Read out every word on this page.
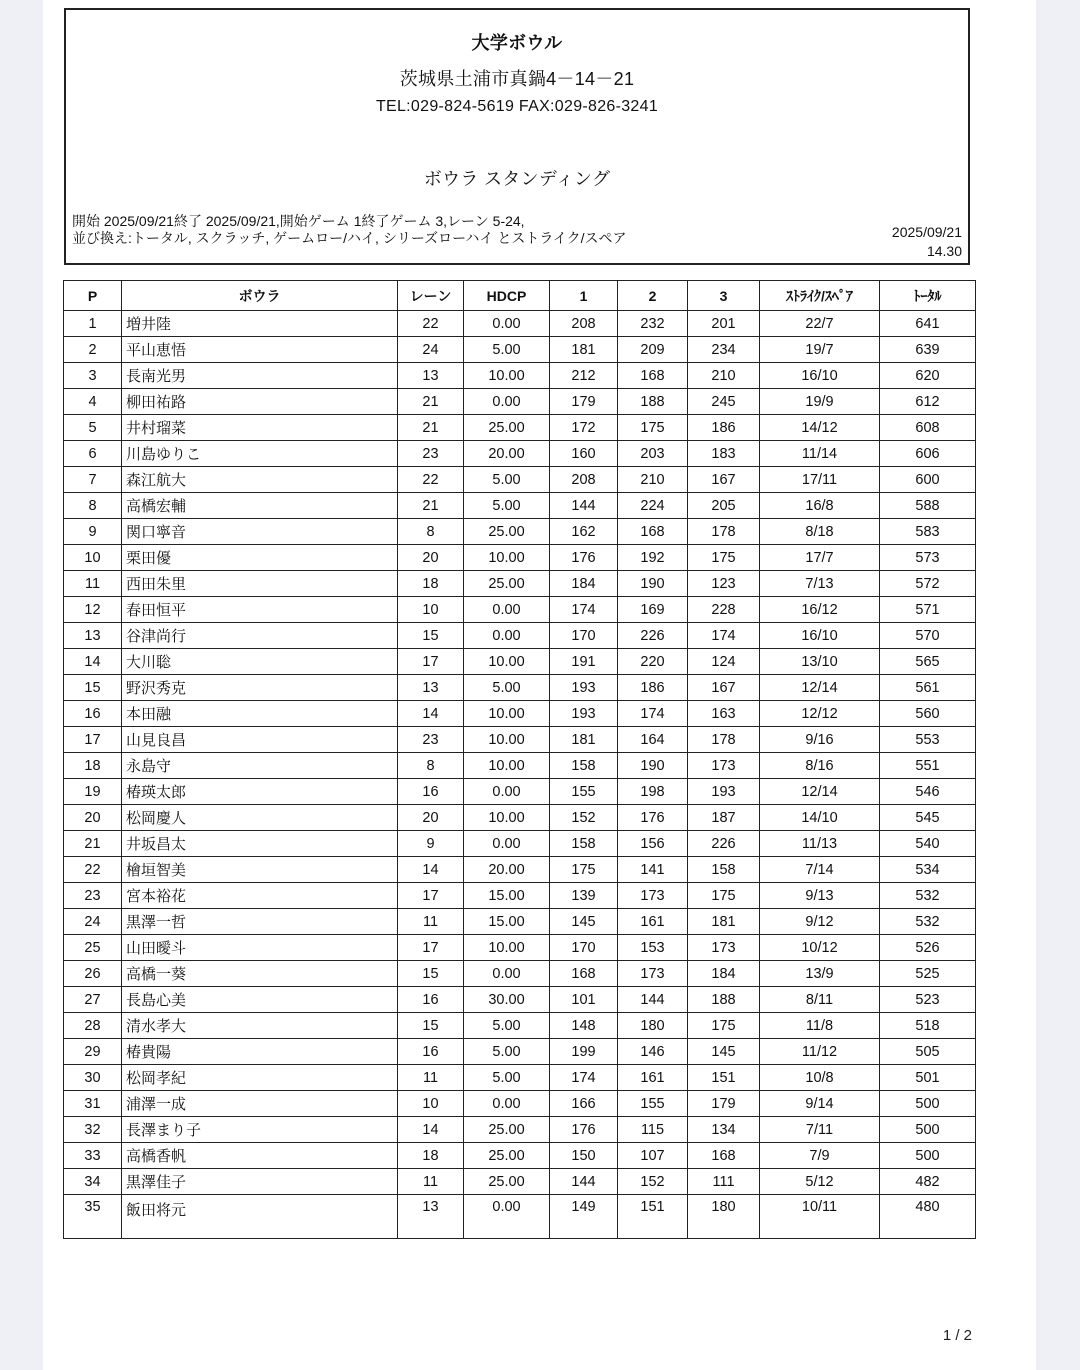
大学ボウル
茨城県土浦市真鍋4－14－21
TEL:029-824-5619 FAX:029-826-3241
ボウラ スタンディング
開始 2025/09/21終了 2025/09/21,開始ゲーム 1終了ゲーム 3,レーン 5-24,
並び換え:トータル, スクラッチ, ゲームロー/ハイ, シリーズローハイ とストライク/スペア	2025/09/21
14.30
P	ボウラ	レーン	HDCP	1	2	3	ｽﾄﾗｲｸ/ｽﾍﾟｱ	ﾄｰﾀﾙ
1	増井陸	22	0.00	208	232	201	22/7	641
2	平山恵悟	24	5.00	181	209	234	19/7	639
3	長南光男	13	10.00	212	168	210	16/10	620
4	柳田祐路	21	0.00	179	188	245	19/9	612
5	井村瑠菜	21	25.00	172	175	186	14/12	608
6	川島ゆりこ	23	20.00	160	203	183	11/14	606
7	森江航大	22	5.00	208	210	167	17/11	600
8	高橋宏輔	21	5.00	144	224	205	16/8	588
9	関口寧音	8	25.00	162	168	178	8/18	583
10	栗田優	20	10.00	176	192	175	17/7	573
11	西田朱里	18	25.00	184	190	123	7/13	572
12	春田恒平	10	0.00	174	169	228	16/12	571
13	谷津尚行	15	0.00	170	226	174	16/10	570
14	大川聡	17	10.00	191	220	124	13/10	565
15	野沢秀克	13	5.00	193	186	167	12/14	561
16	本田融	14	10.00	193	174	163	12/12	560
17	山見良昌	23	10.00	181	164	178	9/16	553
18	永島守	8	10.00	158	190	173	8/16	551
19	椿瑛太郎	16	0.00	155	198	193	12/14	546
20	松岡慶人	20	10.00	152	176	187	14/10	545
21	井坂昌太	9	0.00	158	156	226	11/13	540
22	檜垣智美	14	20.00	175	141	158	7/14	534
23	宮本裕花	17	15.00	139	173	175	9/13	532
24	黒澤一哲	11	15.00	145	161	181	9/12	532
25	山田曖斗	17	10.00	170	153	173	10/12	526
26	高橋一葵	15	0.00	168	173	184	13/9	525
27	長島心美	16	30.00	101	144	188	8/11	523
28	清水孝大	15	5.00	148	180	175	11/8	518
29	椿貴陽	16	5.00	199	146	145	11/12	505
30	松岡孝紀	11	5.00	174	161	151	10/8	501
31	浦澤一成	10	0.00	166	155	179	9/14	500
32	長澤まり子	14	25.00	176	115	134	7/11	500
33	高橋香帆	18	25.00	150	107	168	7/9	500
34	黒澤佳子	11	25.00	144	152	111	5/12	482
35	飯田将元	13	0.00	149	151	180	10/11	480
1 / 2
